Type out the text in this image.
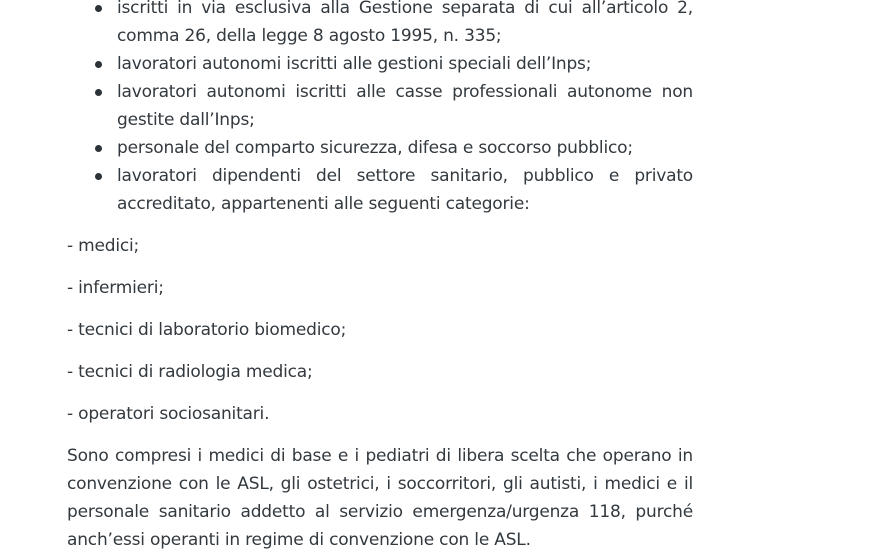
iscritti in via esclusiva alla Gestione separata di cui all’articolo 2, comma 26, della legge 8 agosto 1995, n. 335;
lavoratori autonomi iscritti alle gestioni speciali dell’Inps;
lavoratori autonomi iscritti alle casse professionali autonome non gestite dall’Inps;
personale del comparto sicurezza, difesa e soccorso pubblico;
lavoratori dipendenti del settore sanitario, pubblico e privato accreditato, appartenenti alle seguenti categorie:

- medici;

- infermieri;

- tecnici di laboratorio biomedico;

- tecnici di radiologia medica;

- operatori sociosanitari.

Sono compresi i medici di base e i pediatri di libera scelta che operano in convenzione con le ASL, gli ostetrici, i soccorritori, gli autisti, i medici e il personale sanitario addetto al servizio emergenza/urgenza 118, purché anch’essi operanti in regime di convenzione con le ASL.
